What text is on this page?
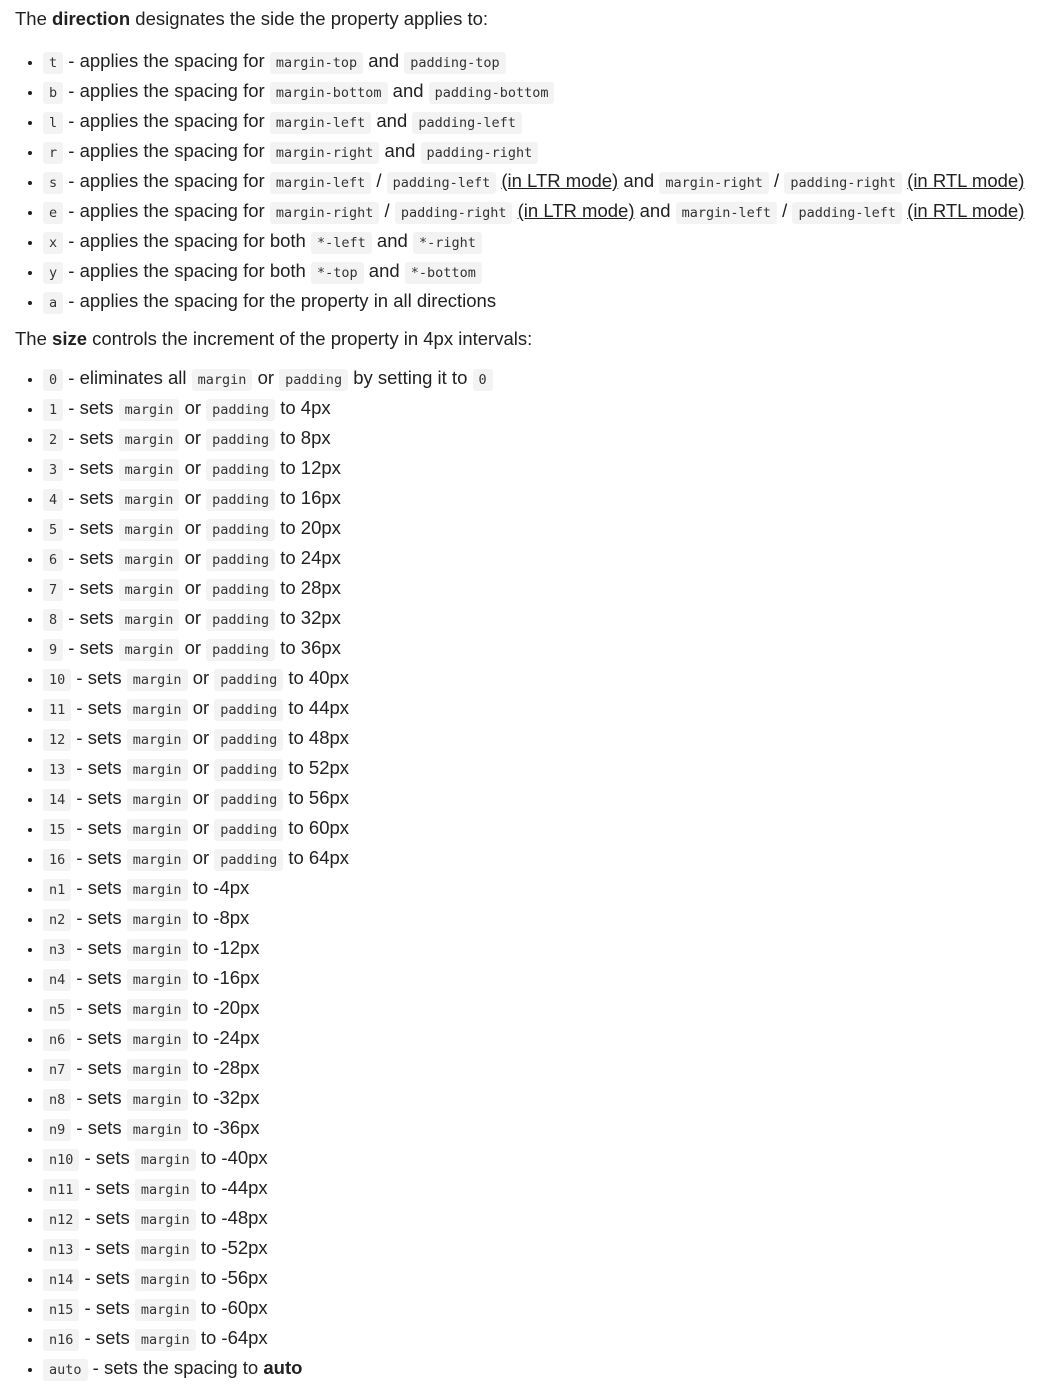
The direction designates the side the property applies to:

• t - applies the spacing for margin-top and padding-top
• b - applies the spacing for margin-bottom and padding-bottom
• l - applies the spacing for margin-left and padding-left
• r - applies the spacing for margin-right and padding-right
• s - applies the spacing for margin-left / padding-left (in LTR mode) and margin-right / padding-right (in RTL mode)
• e - applies the spacing for margin-right / padding-right (in LTR mode) and margin-left / padding-left (in RTL mode)
• x - applies the spacing for both *-left and *-right
• y - applies the spacing for both *-top and *-bottom
• a - applies the spacing for the property in all directions

The size controls the increment of the property in 4px intervals:

• 0 - eliminates all margin or padding by setting it to 0
• 1 - sets margin or padding to 4px
• 2 - sets margin or padding to 8px
• 3 - sets margin or padding to 12px
• 4 - sets margin or padding to 16px
• 5 - sets margin or padding to 20px
• 6 - sets margin or padding to 24px
• 7 - sets margin or padding to 28px
• 8 - sets margin or padding to 32px
• 9 - sets margin or padding to 36px
• 10 - sets margin or padding to 40px
• 11 - sets margin or padding to 44px
• 12 - sets margin or padding to 48px
• 13 - sets margin or padding to 52px
• 14 - sets margin or padding to 56px
• 15 - sets margin or padding to 60px
• 16 - sets margin or padding to 64px
• n1 - sets margin to -4px
• n2 - sets margin to -8px
• n3 - sets margin to -12px
• n4 - sets margin to -16px
• n5 - sets margin to -20px
• n6 - sets margin to -24px
• n7 - sets margin to -28px
• n8 - sets margin to -32px
• n9 - sets margin to -36px
• n10 - sets margin to -40px
• n11 - sets margin to -44px
• n12 - sets margin to -48px
• n13 - sets margin to -52px
• n14 - sets margin to -56px
• n15 - sets margin to -60px
• n16 - sets margin to -64px
• auto - sets the spacing to auto
